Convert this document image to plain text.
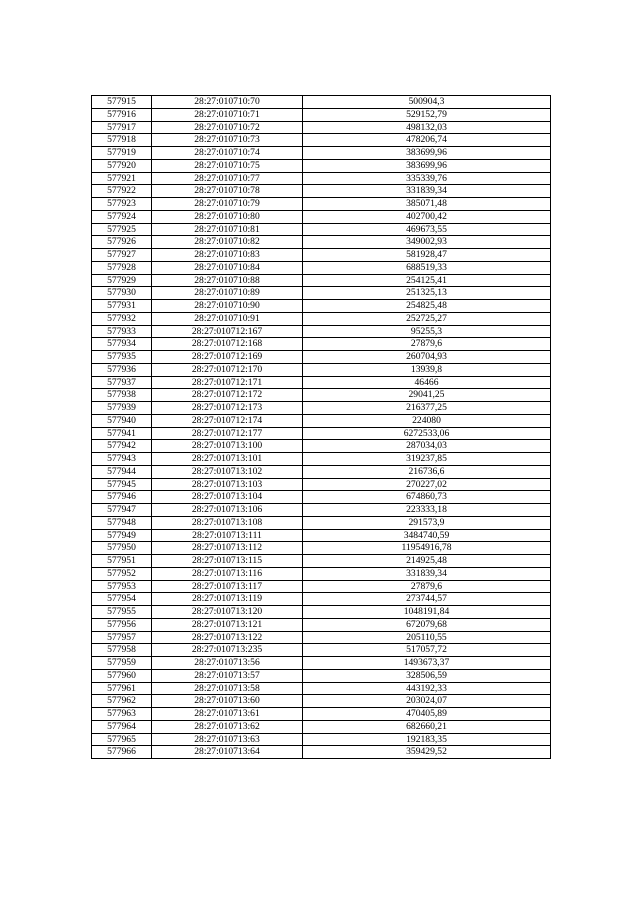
577915	28:27:010710:70	500904,3
577916	28:27:010710:71	529152,79
577917	28:27:010710:72	498132,03
577918	28:27:010710:73	478206,74
577919	28:27:010710:74	383699,96
577920	28:27:010710:75	383699,96
577921	28:27:010710:77	335339,76
577922	28:27:010710:78	331839,34
577923	28:27:010710:79	385071,48
577924	28:27:010710:80	402700,42
577925	28:27:010710:81	469673,55
577926	28:27:010710:82	349002,93
577927	28:27:010710:83	581928,47
577928	28:27:010710:84	688519,33
577929	28:27:010710:88	254125,41
577930	28:27:010710:89	251325,13
577931	28:27:010710:90	254825,48
577932	28:27:010710:91	252725,27
577933	28:27:010712:167	95255,3
577934	28:27:010712:168	27879,6
577935	28:27:010712:169	260704,93
577936	28:27:010712:170	13939,8
577937	28:27:010712:171	46466
577938	28:27:010712:172	29041,25
577939	28:27:010712:173	216377,25
577940	28:27:010712:174	224080
577941	28:27:010712:177	6272533,06
577942	28:27:010713:100	287034,03
577943	28:27:010713:101	319237,85
577944	28:27:010713:102	216736,6
577945	28:27:010713:103	270227,02
577946	28:27:010713:104	674860,73
577947	28:27:010713:106	223333,18
577948	28:27:010713:108	291573,9
577949	28:27:010713:111	3484740,59
577950	28:27:010713:112	11954916,78
577951	28:27:010713:115	214925,48
577952	28:27:010713:116	331839,34
577953	28:27:010713:117	27879,6
577954	28:27:010713:119	273744,57
577955	28:27:010713:120	1048191,84
577956	28:27:010713:121	672079,68
577957	28:27:010713:122	205110,55
577958	28:27:010713:235	517057,72
577959	28:27:010713:56	1493673,37
577960	28:27:010713:57	328506,59
577961	28:27:010713:58	443192,33
577962	28:27:010713:60	203024,07
577963	28:27:010713:61	470405,89
577964	28:27:010713:62	682660,21
577965	28:27:010713:63	192183,35
577966	28:27:010713:64	359429,52
